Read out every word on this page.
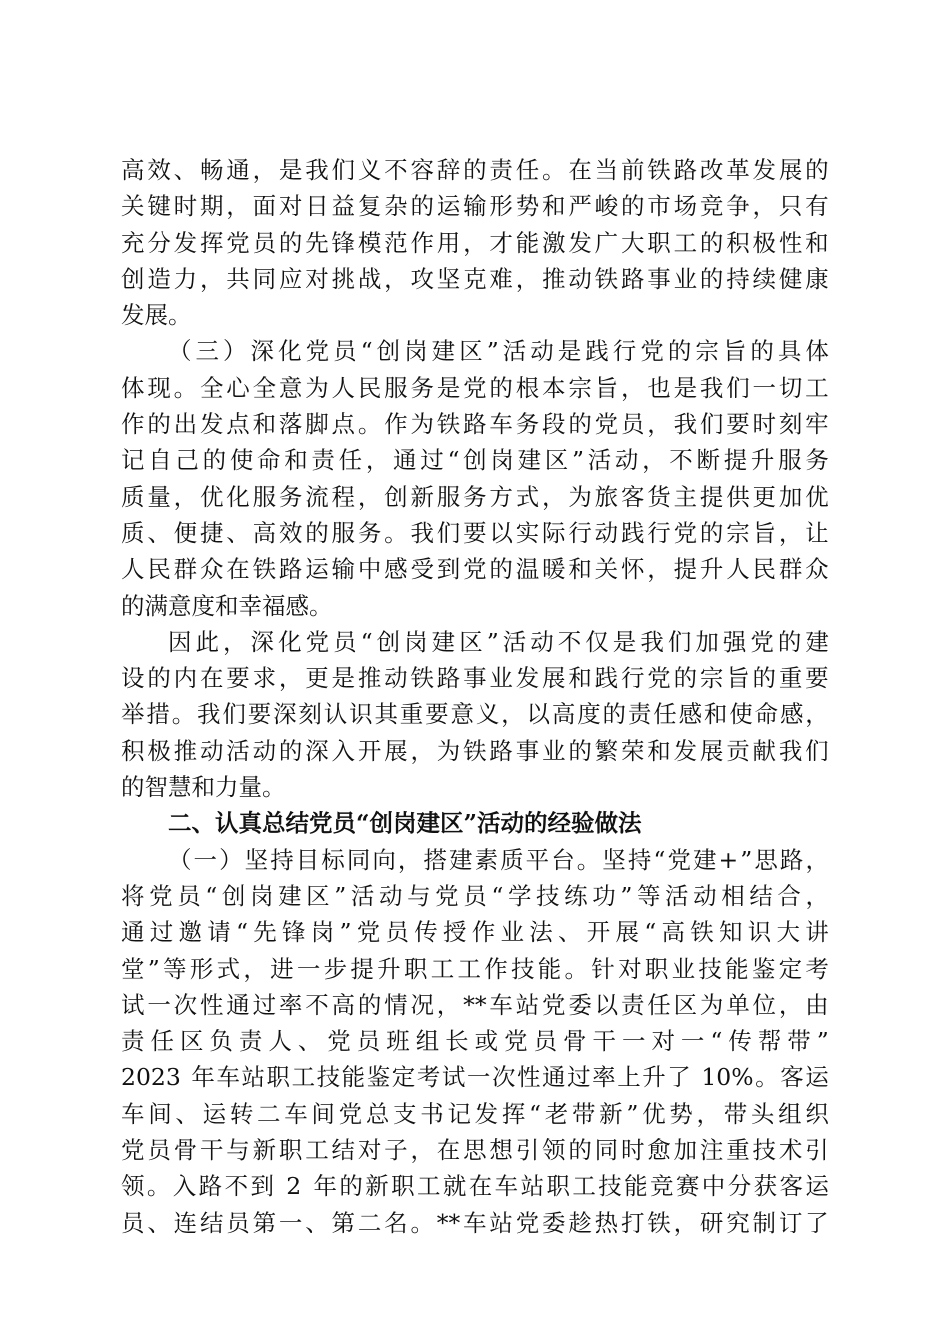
高 效 、 畅 通 ， 是 我 们 义 不 容 辞 的 责 任 。 在 当 前 铁 路 改 革 发 展 的
关 键 时 期 ， 面 对 日 益 复 杂 的 运 输 形 势 和 严 峻 的 市 场 竞 争 ， 只 有
充 分 发 挥 党 员 的 先 锋 模 范 作 用 ， 才 能 激 发 广 大 职 工 的 积 极 性 和
创 造 力 ， 共 同 应 对 挑 战 ， 攻 坚 克 难 ， 推 动 铁 路 事 业 的 持 续 健 康
发展。
（ 三 ） 深 化 党 员 “ 创 岗 建 区 ” 活 动 是 践 行 党 的 宗 旨 的 具 体
体 现 。 全 心 全 意 为 人 民 服 务 是 党 的 根 本 宗 旨 ， 也 是 我 们 一 切 工
作 的 出 发 点 和 落 脚 点 。 作 为 铁 路 车 务 段 的 党 员 ， 我 们 要 时 刻 牢
记 自 己 的 使 命 和 责 任 ， 通 过 “ 创 岗 建 区 ” 活 动 ， 不 断 提 升 服 务
质 量 ， 优 化 服 务 流 程 ， 创 新 服 务 方 式 ， 为 旅 客 货 主 提 供 更 加 优
质 、 便 捷 、 高 效 的 服 务 。 我 们 要 以 实 际 行 动 践 行 党 的 宗 旨 ， 让
人 民 群 众 在 铁 路 运 输 中 感 受 到 党 的 温 暖 和 关 怀 ， 提 升 人 民 群 众
的满意度和幸福感。
因 此 ， 深 化 党 员 “ 创 岗 建 区 ” 活 动 不 仅 是 我 们 加 强 党 的 建
设 的 内 在 要 求 ， 更 是 推 动 铁 路 事 业 发 展 和 践 行 党 的 宗 旨 的 重 要
举 措 。 我 们 要 深 刻 认 识 其 重 要 意 义 ， 以 高 度 的 责 任 感 和 使 命 感 ，
积 极 推 动 活 动 的 深 入 开 展 ， 为 铁 路 事 业 的 繁 荣 和 发 展 贡 献 我 们
的智慧和力量。
二、认真总结党员“创岗建区”活动的经验做法
（ 一 ） 坚 持 目 标 同 向 ， 搭 建 素 质 平 台 。 坚 持 “ 党 建 + ” 思 路 ，
将 党 员 “ 创 岗 建 区 ” 活 动 与 党 员 “ 学 技 练 功 ” 等 活 动 相 结 合 ，
通 过 邀 请 “ 先 锋 岗 ” 党 员 传 授 作 业 法 、 开 展 “ 高 铁 知 识 大 讲
堂 ” 等 形 式 ， 进 一 步 提 升 职 工 工 作 技 能 。 针 对 职 业 技 能 鉴 定 考
试 一 次 性 通 过 率 不 高 的 情 况 ， ** 车 站 党 委 以 责 任 区 为 单 位 ， 由
责 任 区 负 责 人 、 党 员 班 组 长 或 党 员 骨 干 一 对 一 “ 传 帮 带 ”
2023
年 车 站 职 工 技 能 鉴 定 考 试 一 次 性 通 过 率 上 升 了
10% 。 客 运
车 间 、 运 转 二 车 间 党 总 支 书 记 发 挥 “ 老 带 新 ” 优 势 ， 带 头 组 织
党 员 骨 干 与 新 职 工 结 对 子 ， 在 思 想 引 领 的 同 时 愈 加 注 重 技 术 引
领 。 入 路 不 到
2
年 的 新 职 工 就 在 车 站 职 工 技 能 竞 赛 中 分 获 客 运
员 、 连 结 员 第 一 、 第 二 名 。 ** 车 站 党 委 趁 热 打 铁 ， 研 究 制 订 了
